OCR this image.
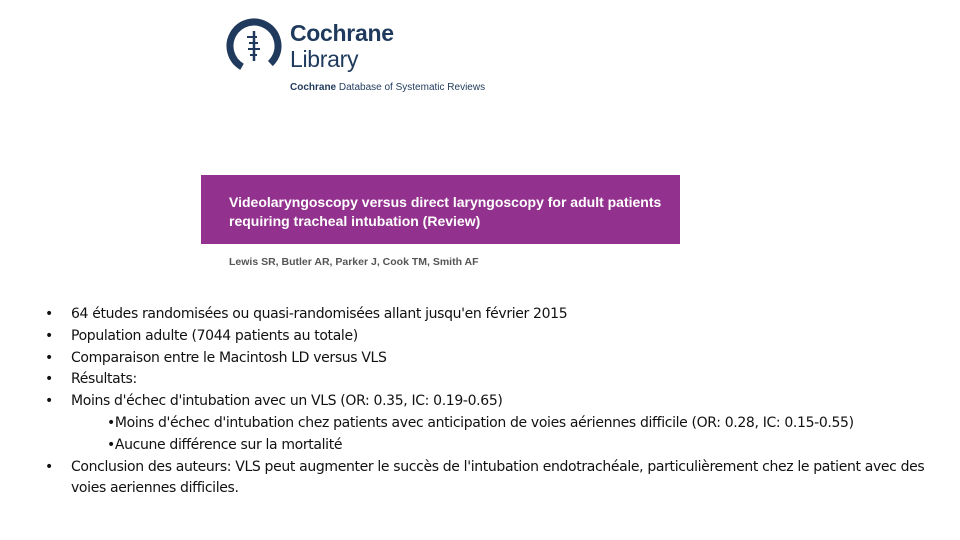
Cochrane
Library
Cochrane Database of Systematic Reviews
Videolaryngoscopy versus direct laryngoscopy for adult patients requiring tracheal intubation (Review)
Lewis SR, Butler AR, Parker J, Cook TM, Smith AF
• 64 études randomisées ou quasi-randomisées allant jusqu'en février 2015
• Population adulte (7044 patients au totale)
• Comparaison entre le Macintosh LD versus VLS
• Résultats:
• Moins d'échec d'intubation avec un VLS (OR: 0.35, IC: 0.19-0.65)
•Moins d'échec d'intubation chez patients avec anticipation de voies aériennes difficile (OR: 0.28, IC: 0.15-0.55)
•Aucune différence sur la mortalité
• Conclusion des auteurs: VLS peut augmenter le succès de l'intubation endotrachéale, particulièrement chez le patient avec des voies aeriennes difficiles.
